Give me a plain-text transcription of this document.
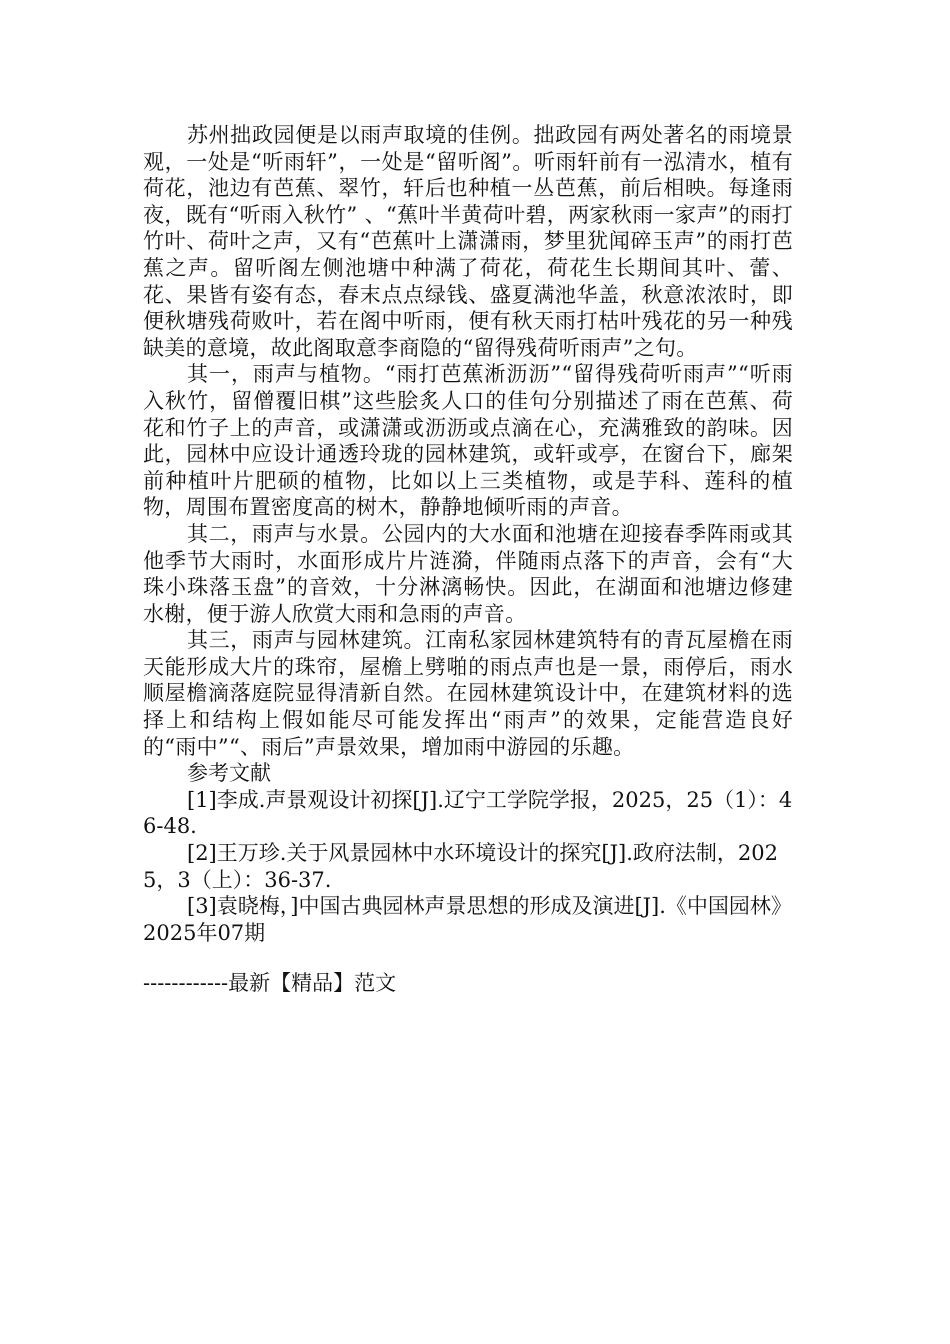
苏州拙政园便是以雨声取境的佳例。拙政园有两处著名的雨境景观，一处是“听雨轩”，一处是“留听阁”。听雨轩前有一泓清水，植有荷花，池边有芭蕉、翠竹，轩后也种植一丛芭蕉，前后相映。每逢雨夜，既有“听雨入秋竹” 、“蕉叶半黄荷叶碧，两家秋雨一家声”的雨打竹叶、荷叶之声，又有“芭蕉叶上潇潇雨，梦里犹闻碎玉声”的雨打芭蕉之声。留听阁左侧池塘中种满了荷花，荷花生长期间其叶、蕾、花、果皆有姿有态，春末点点绿钱、盛夏满池华盖，秋意浓浓时，即便秋塘残荷败叶，若在阁中听雨，便有秋天雨打枯叶残花的另一种残缺美的意境，故此阁取意李商隐的“留得残荷听雨声”之句。

其一，雨声与植物。“雨打芭蕉淅沥沥”“留得残荷听雨声”“听雨入秋竹，留僧覆旧棋”这些脍炙人口的佳句分别描述了雨在芭蕉、荷花和竹子上的声音，或潇潇或沥沥或点滴在心，充满雅致的韵味。因此，园林中应设计通透玲珑的园林建筑，或轩或亭，在窗台下，廊架前种植叶片肥硕的植物，比如以上三类植物，或是芋科、莲科的植物，周围布置密度高的树木，静静地倾听雨的声音。

其二，雨声与水景。公园内的大水面和池塘在迎接春季阵雨或其他季节大雨时，水面形成片片涟漪，伴随雨点落下的声音，会有“大珠小珠落玉盘”的音效，十分淋漓畅快。因此，在湖面和池塘边修建水榭，便于游人欣赏大雨和急雨的声音。

其三，雨声与园林建筑。江南私家园林建筑特有的青瓦屋檐在雨天能形成大片的珠帘，屋檐上劈啪的雨点声也是一景，雨停后，雨水顺屋檐滴落庭院显得清新自然。在园林建筑设计中，在建筑材料的选择上和结构上假如能尽可能发挥出“雨声”的效果，定能营造良好的“雨中”“、雨后”声景效果，增加雨中游园的乐趣。

参考文献

[1]李成.声景观设计初探[J].辽宁工学院学报，2025，25（1）：46-48.

[2]王万珍.关于风景园林中水环境设计的探究[J].政府法制，2025，3（上）：36-37.

[3]袁晓梅，]中国古典园林声景思想的形成及演进[J].《中国园林》 2025年07期

------------最新【精品】范文
